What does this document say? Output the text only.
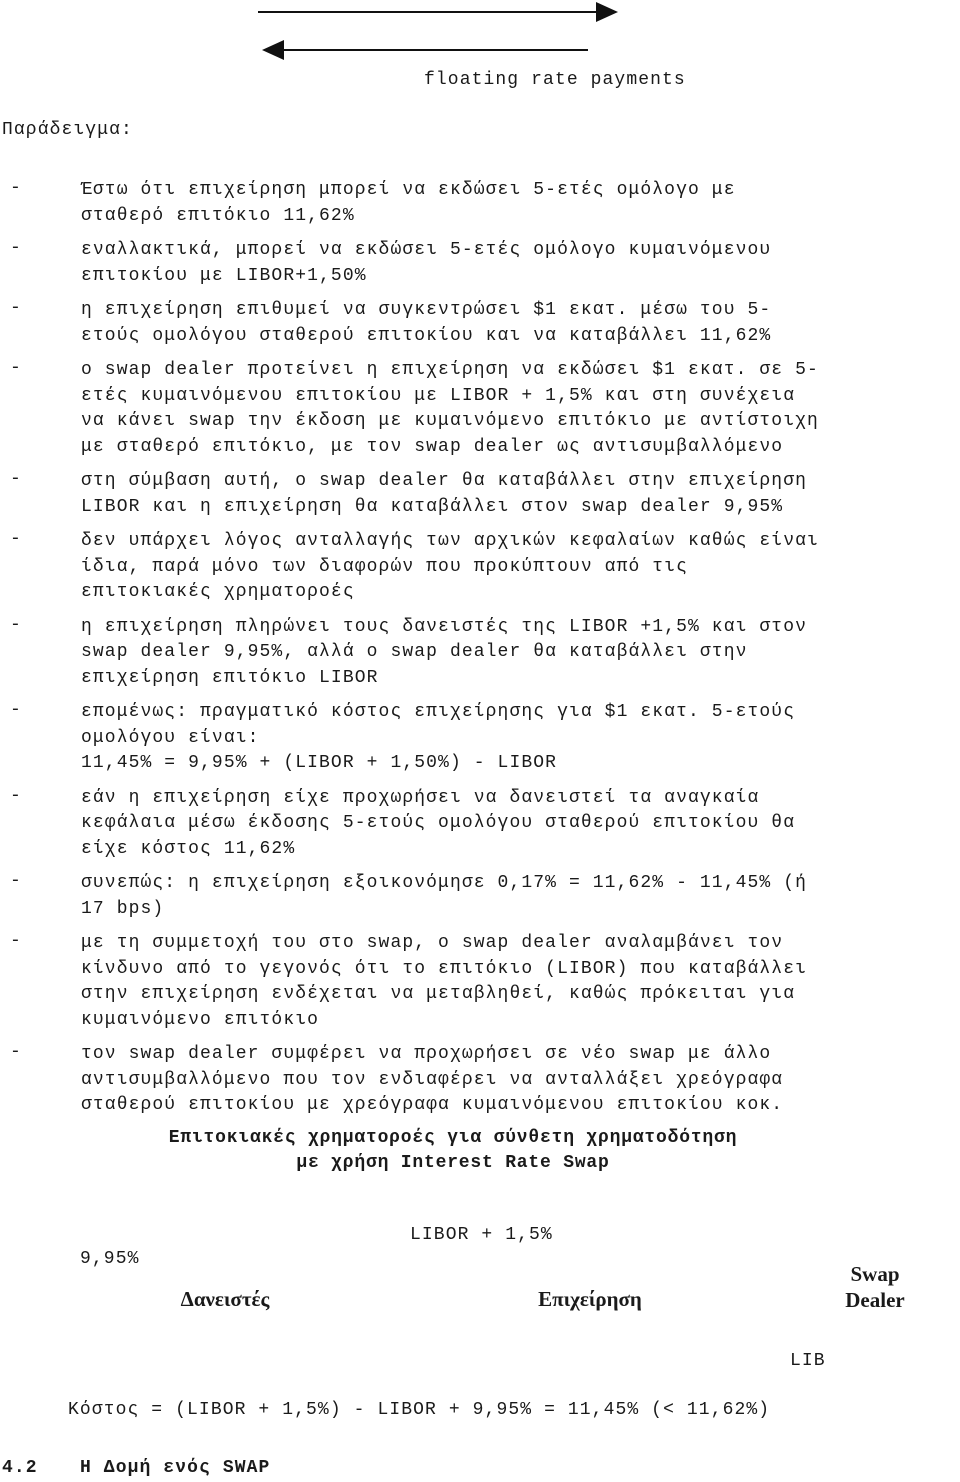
floating rate payments
Παράδειγμα:
-	Έστω ότι επιχείρηση μπορεί να εκδώσει 5-ετές ομόλογο με
σταθερό επιτόκιο 11,62%
-	εναλλακτικά, μπορεί να εκδώσει 5-ετές ομόλογο κυμαινόμενου
επιτοκίου με LIBOR+1,50%
-	η επιχείρηση επιθυμεί να συγκεντρώσει $1 εκατ. μέσω του 5-
ετούς ομολόγου σταθερού επιτοκίου και να καταβάλλει 11,62%
-	ο swap dealer προτείνει η επιχείρηση να εκδώσει $1 εκατ. σε 5-
ετές κυμαινόμενου επιτοκίου με LIBOR + 1,5% και στη συνέχεια
να κάνει swap την έκδοση με κυμαινόμενο επιτόκιο με αντίστοιχη
με σταθερό επιτόκιο, με τον swap dealer ως αντισυμβαλλόμενο
-	στη σύμβαση αυτή, ο swap dealer θα καταβάλλει στην επιχείρηση
LIBOR και η επιχείρηση θα καταβάλλει στον swap dealer 9,95%
-	δεν υπάρχει λόγος ανταλλαγής των αρχικών κεφαλαίων καθώς είναι
ίδια, παρά μόνο των διαφορών που προκύπτουν από τις
επιτοκιακές χρηματοροές
-	η επιχείρηση πληρώνει τους δανειστές της LIBOR +1,5% και στον
swap dealer 9,95%, αλλά ο swap dealer θα καταβάλλει στην
επιχείρηση επιτόκιο LIBOR
-	επομένως: πραγματικό κόστος επιχείρησης για $1 εκατ. 5-ετούς
ομολόγου είναι:
11,45% = 9,95% + (LIBOR + 1,50%) - LIBOR
-	εάν η επιχείρηση είχε προχωρήσει να δανειστεί τα αναγκαία
κεφάλαια μέσω έκδοσης 5-ετούς ομολόγου σταθερού επιτοκίου θα
είχε κόστος 11,62%
-	συνεπώς: η επιχείρηση εξοικονόμησε 0,17% = 11,62% - 11,45% (ή
17 bps)
-	με τη συμμετοχή του στο swap, ο swap dealer αναλαμβάνει τον
κίνδυνο από το γεγονός ότι το επιτόκιο (LIBOR) που καταβάλλει
στην επιχείρηση ενδέχεται να μεταβληθεί, καθώς πρόκειται για
κυμαινόμενο επιτόκιο
-	τον swap dealer συμφέρει να προχωρήσει σε νέο swap με άλλο
αντισυμβαλλόμενο που τον ενδιαφέρει να ανταλλάξει χρεόγραφα
σταθερού επιτοκίου με χρεόγραφα κυμαινόμενου επιτοκίου κοκ.
Επιτοκιακές χρηματοροές για σύνθετη χρηματοδότηση
με χρήση Interest Rate Swap
LIBOR + 1,5%
9,95%
Δανειστές	Επιχείρηση
Swap
Dealer
LIB
Κόστος = (LIBOR + 1,5%) - LIBOR + 9,95% = 11,45% (< 11,62%)
4.2 Η Δομή ενός SWAP
